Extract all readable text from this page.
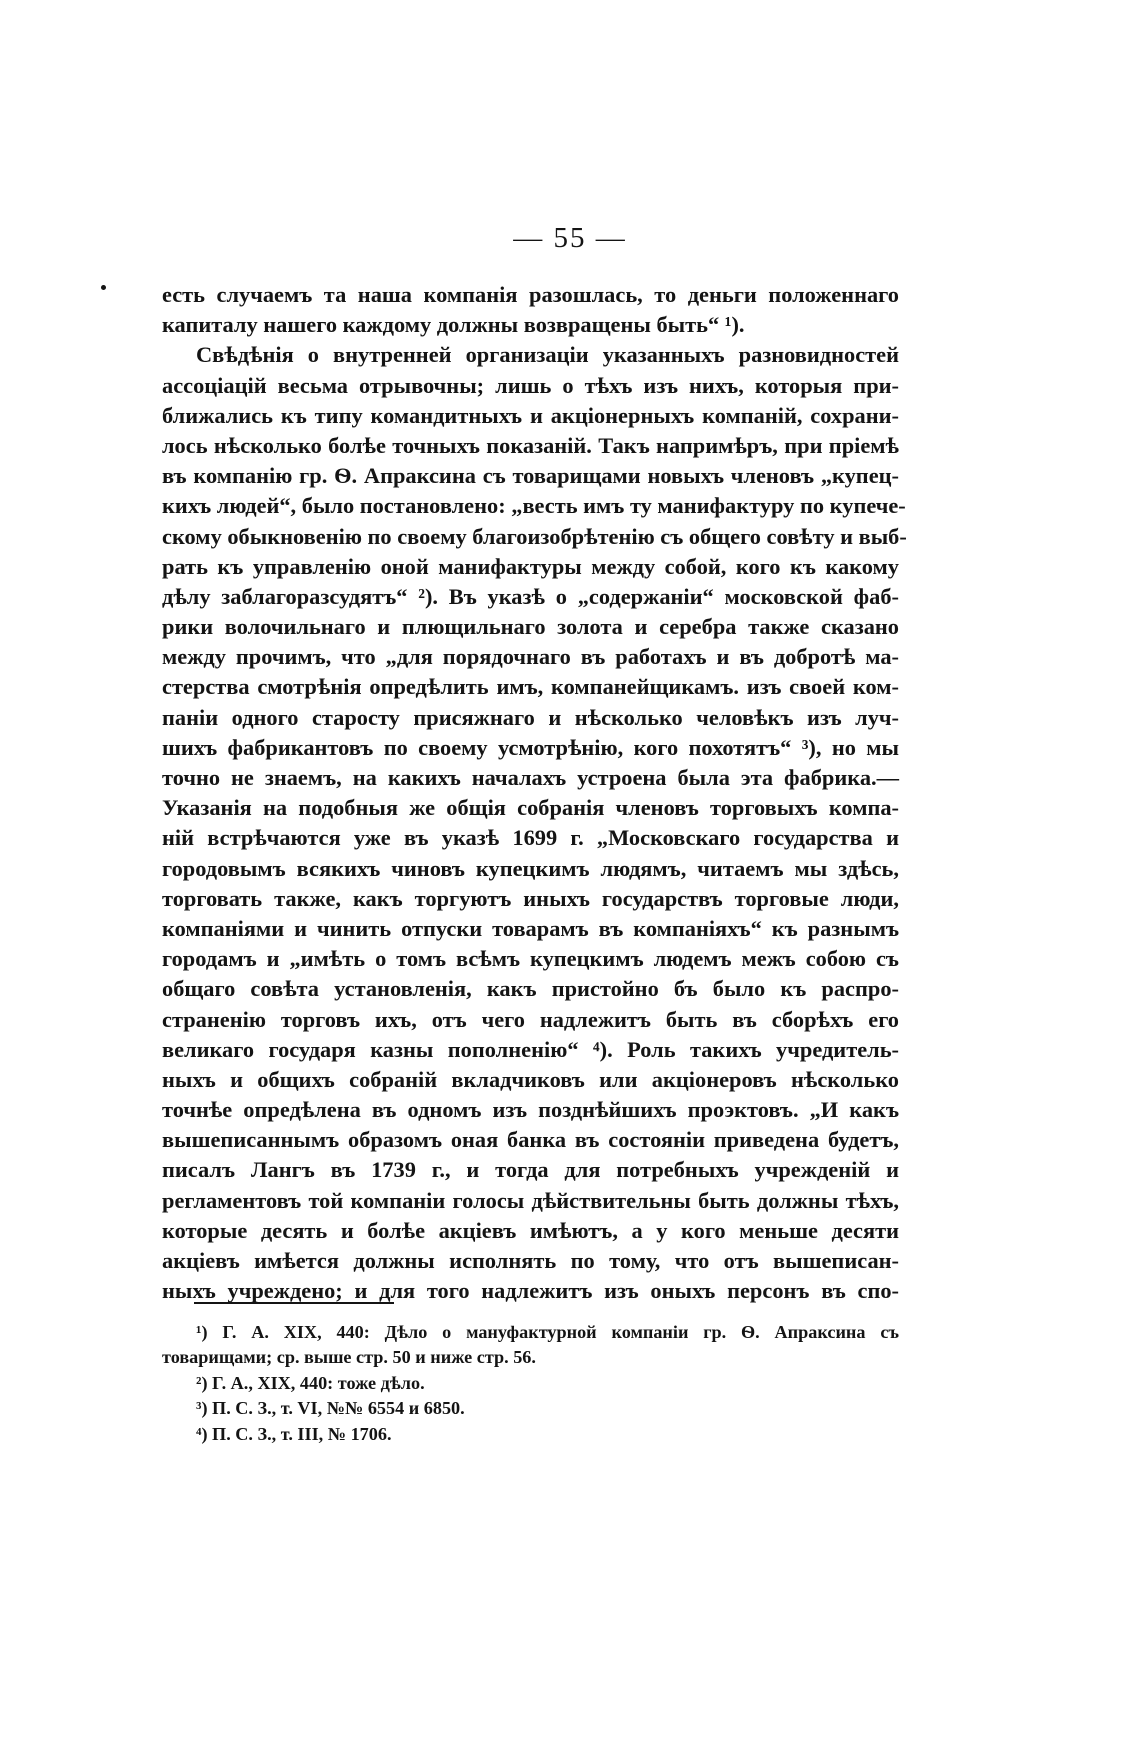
— 55 —
есть случаемъ та наша компанія разошлась, то деньги положеннаго
капиталу нашего каждому должны возвращены быть“ ¹).
Свѣдѣнія о внутренней организаціи указанныхъ разновидностей
ассоціацій весьма отрывочны; лишь о тѣхъ изъ нихъ, которыя при-
ближались къ типу командитныхъ и акціонерныхъ компаній, сохрани-
лось нѣсколько болѣе точныхъ показаній. Такъ напримѣръ, при пріемѣ
въ компанію гр. Ѳ. Апраксина съ товарищами новыхъ членовъ „купец-
кихъ людей“, было постановлено: „весть имъ ту манифактуру по купече-
скому обыкновенію по своему благоизобрѣтенію съ общего совѣту и выб-
рать къ управленію оной манифактуры между собой, кого къ какому
дѣлу заблагоразсудятъ“ ²). Въ указѣ о „содержаніи“ московской фаб-
рики волочильнаго и плющильнаго золота и серебра также сказано
между прочимъ, что „для порядочнаго въ работахъ и въ добротѣ ма-
стерства смотрѣнія опредѣлить имъ, компанейщикамъ. изъ своей ком-
паніи одного старосту присяжнаго и нѣсколько человѣкъ изъ луч-
шихъ фабрикантовъ по своему усмотрѣнію, кого похотятъ“ ³), но мы
точно не знаемъ, на какихъ началахъ устроена была эта фабрика.—
Указанія на подобныя же общія собранія членовъ торговыхъ компа-
ній встрѣчаются уже въ указѣ 1699 г. „Московскаго государства и
городовымъ всякихъ чиновъ купецкимъ людямъ, читаемъ мы здѣсь,
торговать также, какъ торгуютъ иныхъ государствъ торговые люди,
компаніями и чинить отпуски товарамъ въ компаніяхъ“ къ разнымъ
городамъ и „имѣть о томъ всѣмъ купецкимъ людемъ межъ собою съ
общаго совѣта установленія, какъ пристойно бъ было къ распро-
страненію торговъ ихъ, отъ чего надлежитъ быть въ сборѣхъ его
великаго государя казны пополненію“ ⁴). Роль такихъ учредитель-
ныхъ и общихъ собраній вкладчиковъ или акціонеровъ нѣсколько
точнѣе опредѣлена въ одномъ изъ позднѣйшихъ проэктовъ. „И какъ
вышеписаннымъ образомъ оная банка въ состояніи приведена будетъ,
писалъ Лангъ въ 1739 г., и тогда для потребныхъ учрежденій и
регламентовъ той компаніи голосы дѣйствительны быть должны тѣхъ,
которые десять и болѣе акціевъ имѣютъ, а у кого меньше десяти
акціевъ имѣется должны исполнять по тому, что отъ вышеписан-
ныхъ учреждено; и для того надлежитъ изъ оныхъ персонъ въ спо-
¹) Г. А. XIX, 440: Дѣло о мануфактурной компаніи гр. Ѳ. Апраксина съ
товарищами; ср. выше стр. 50 и ниже стр. 56.
²) Г. А., XIX, 440: тоже дѣло.
³) П. С. З., т. VI, №№ 6554 и 6850.
⁴) П. С. З., т. III, № 1706.
